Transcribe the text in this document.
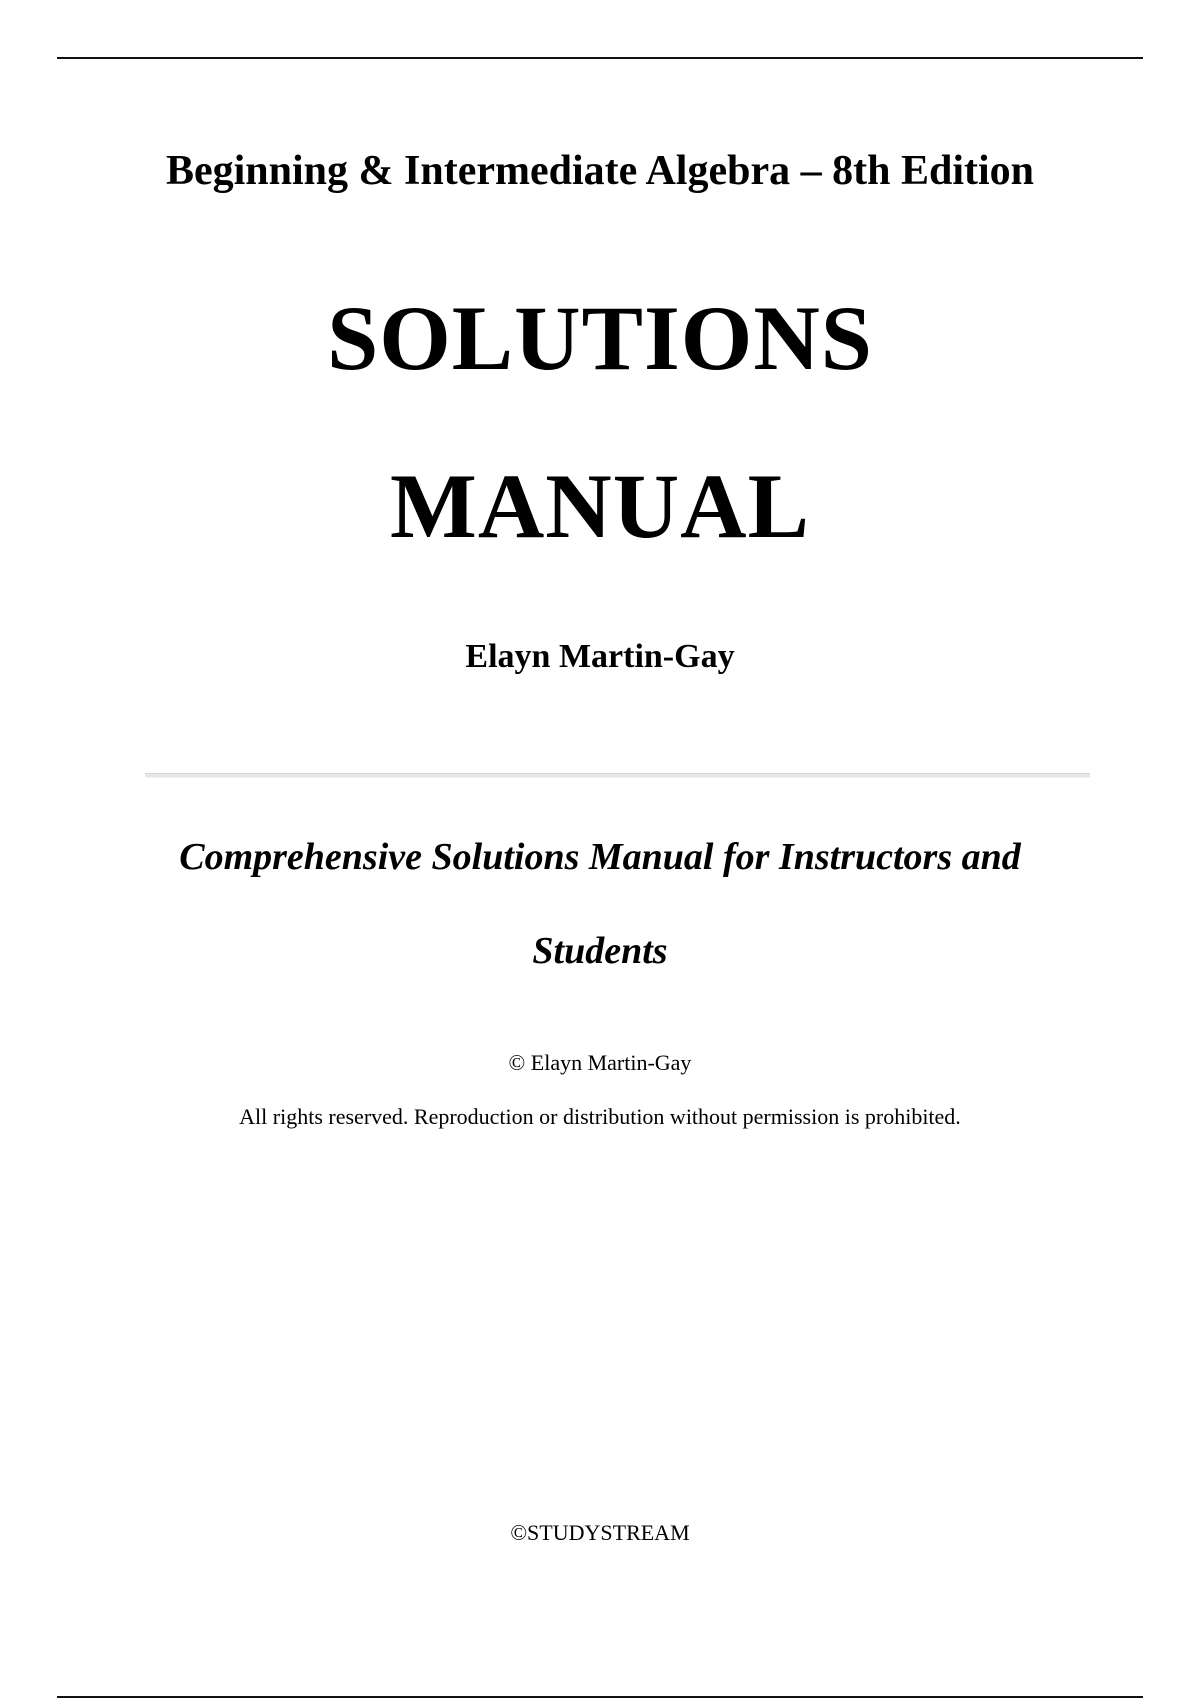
Beginning & Intermediate Algebra – 8th Edition
SOLUTIONS
MANUAL
Elayn Martin-Gay
Comprehensive Solutions Manual for Instructors and
Students
© Elayn Martin-Gay
All rights reserved. Reproduction or distribution without permission is prohibited.
©STUDYSTREAM
